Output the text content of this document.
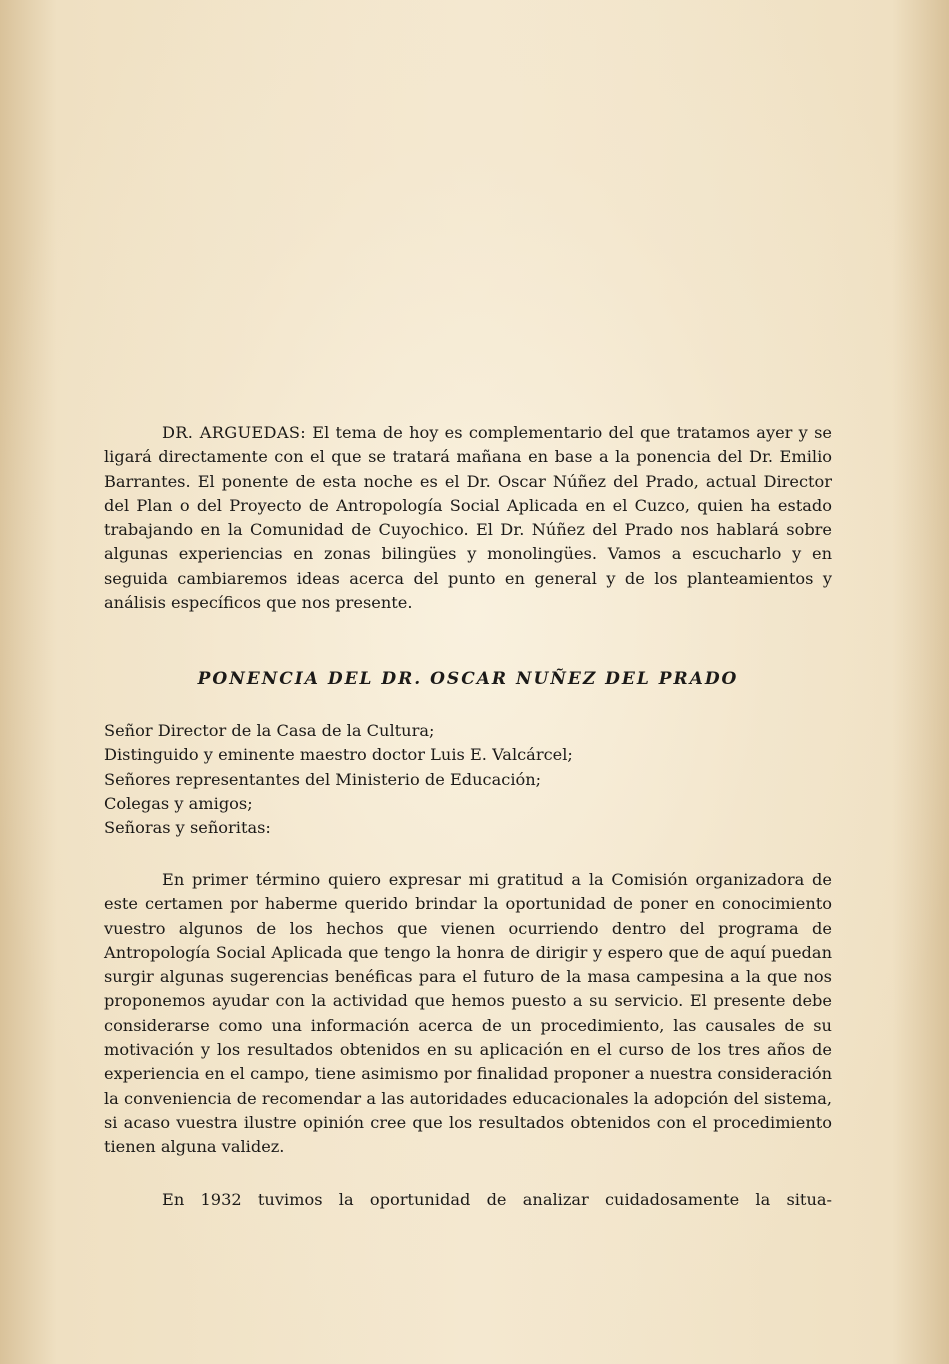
DR. ARGUEDAS: El tema de hoy es complementario del que tratamos ayer y se ligará directamente con el que se tratará mañana en base a la ponencia del Dr. Emilio Barrantes. El ponente de esta noche es el Dr. Oscar Núñez del Prado, actual Director del Plan o del Proyecto de Antropología Social Aplicada en el Cuzco, quien ha estado trabajando en la Comunidad de Cuyochico. El Dr. Núñez del Prado nos hablará sobre algunas experiencias en zonas bilingües y monolingües. Vamos a escucharlo y en seguida cambiaremos ideas acerca del punto en general y de los planteamientos y análisis específicos que nos presente.

PONENCIA DEL DR. OSCAR NUÑEZ DEL PRADO
Señor Director de la Casa de la Cultura;
Distinguido y eminente maestro doctor Luis E. Valcárcel;
Señores representantes del Ministerio de Educación;
Colegas y amigos;
Señoras y señoritas:

En primer término quiero expresar mi gratitud a la Comisión organizadora de este certamen por haberme querido brindar la oportunidad de poner en conocimiento vuestro algunos de los hechos que vienen ocurriendo dentro del programa de Antropología Social Aplicada que tengo la honra de dirigir y espero que de aquí puedan surgir algunas sugerencias benéficas para el futuro de la masa campesina a la que nos proponemos ayudar con la actividad que hemos puesto a su servicio. El presente debe considerarse como una información acerca de un procedimiento, las causales de su motivación y los resultados obtenidos en su aplicación en el curso de los tres años de experiencia en el campo, tiene asimismo por finalidad proponer a nuestra consideración la conveniencia de recomendar a las autoridades educacionales la adopción del sistema, si acaso vuestra ilustre opinión cree que los resultados obtenidos con el procedimiento tienen alguna validez.

En 1932 tuvimos la oportunidad de analizar cuidadosamente la situa-
